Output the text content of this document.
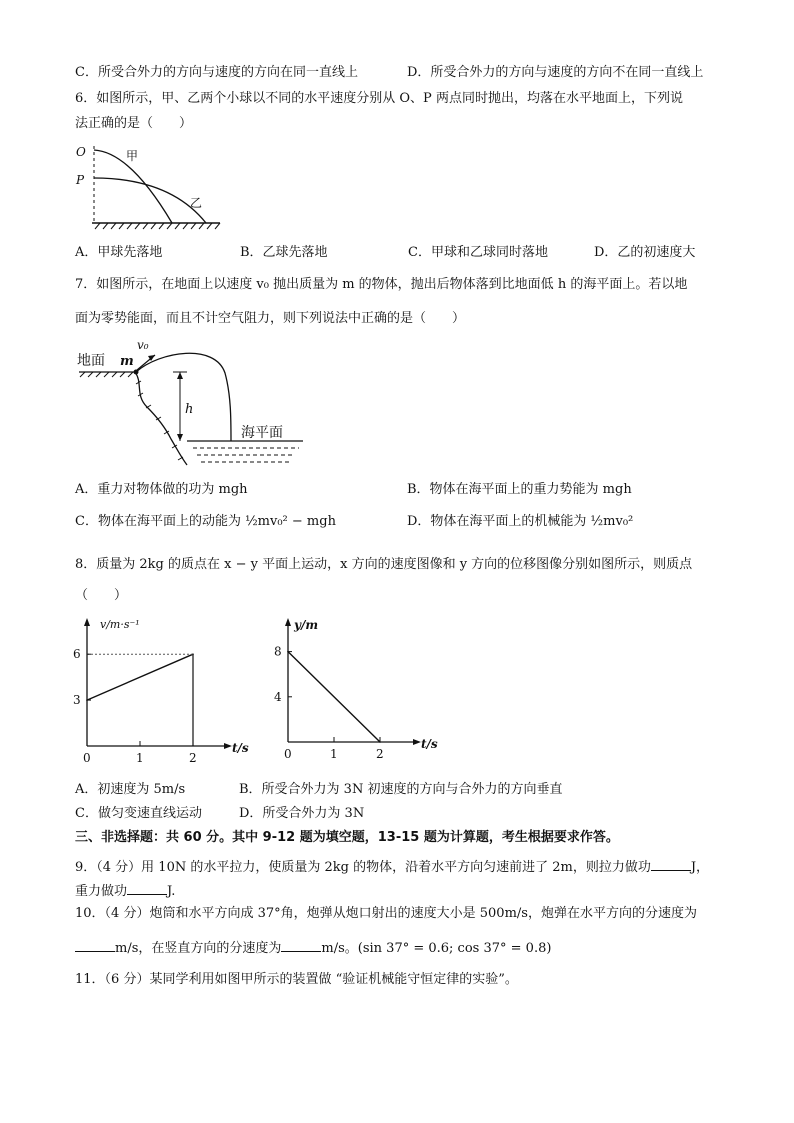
C．所受合外力的方向与速度的方向在同一直线上	D．所受合外力的方向与速度的方向不在同一直线上
6．如图所示，甲、乙两个小球以不同的水平速度分别从 O、P 两点同时抛出，均落在水平地面上，下列说
法正确的是（　　）
O
P
甲
乙
A．甲球先落地	B．乙球先落地	C．甲球和乙球同时落地	D．乙的初速度大
7．如图所示，在地面上以速度 v₀ 抛出质量为 m 的物体，抛出后物体落到比地面低 h 的海平面上。若以地
面为零势能面，而且不计空气阻力，则下列说法中正确的是（　　）
地面 m
v₀
h
海平面
A．重力对物体做的功为 mgh	B．物体在海平面上的重力势能为 mgh
C．物体在海平面上的动能为 ½mv₀² − mgh	D．物体在海平面上的机械能为 ½mv₀²
8．质量为 2kg 的质点在 x − y 平面上运动，x 方向的速度图像和 y 方向的位移图像分别如图所示，则质点
（　　）
v/m·s⁻¹
t/s
0	1	2
3
6
y/m
t/s
0	1	2
4
8
A．初速度为 5m/s	B．所受合外力为 3N 初速度的方向与合外力的方向垂直
C．做匀变速直线运动	D．所受合外力为 3N
三、非选择题：共 60 分。其中 9-12 题为填空题，13-15 题为计算题，考生根据要求作答。
9．（4 分）用 10N 的水平拉力，使质量为 2kg 的物体，沿着水平方向匀速前进了 2m，则拉力做功	J，
重力做功	J.
10．（4 分）炮筒和水平方向成 37°角，炮弹从炮口射出的速度大小是 500m/s，炮弹在水平方向的分速度为
m/s，在竖直方向的分速度为	m/s。(sin 37° = 0.6; cos 37° = 0.8)
11．（6 分）某同学利用如图甲所示的装置做 “验证机械能守恒定律的实验”。
